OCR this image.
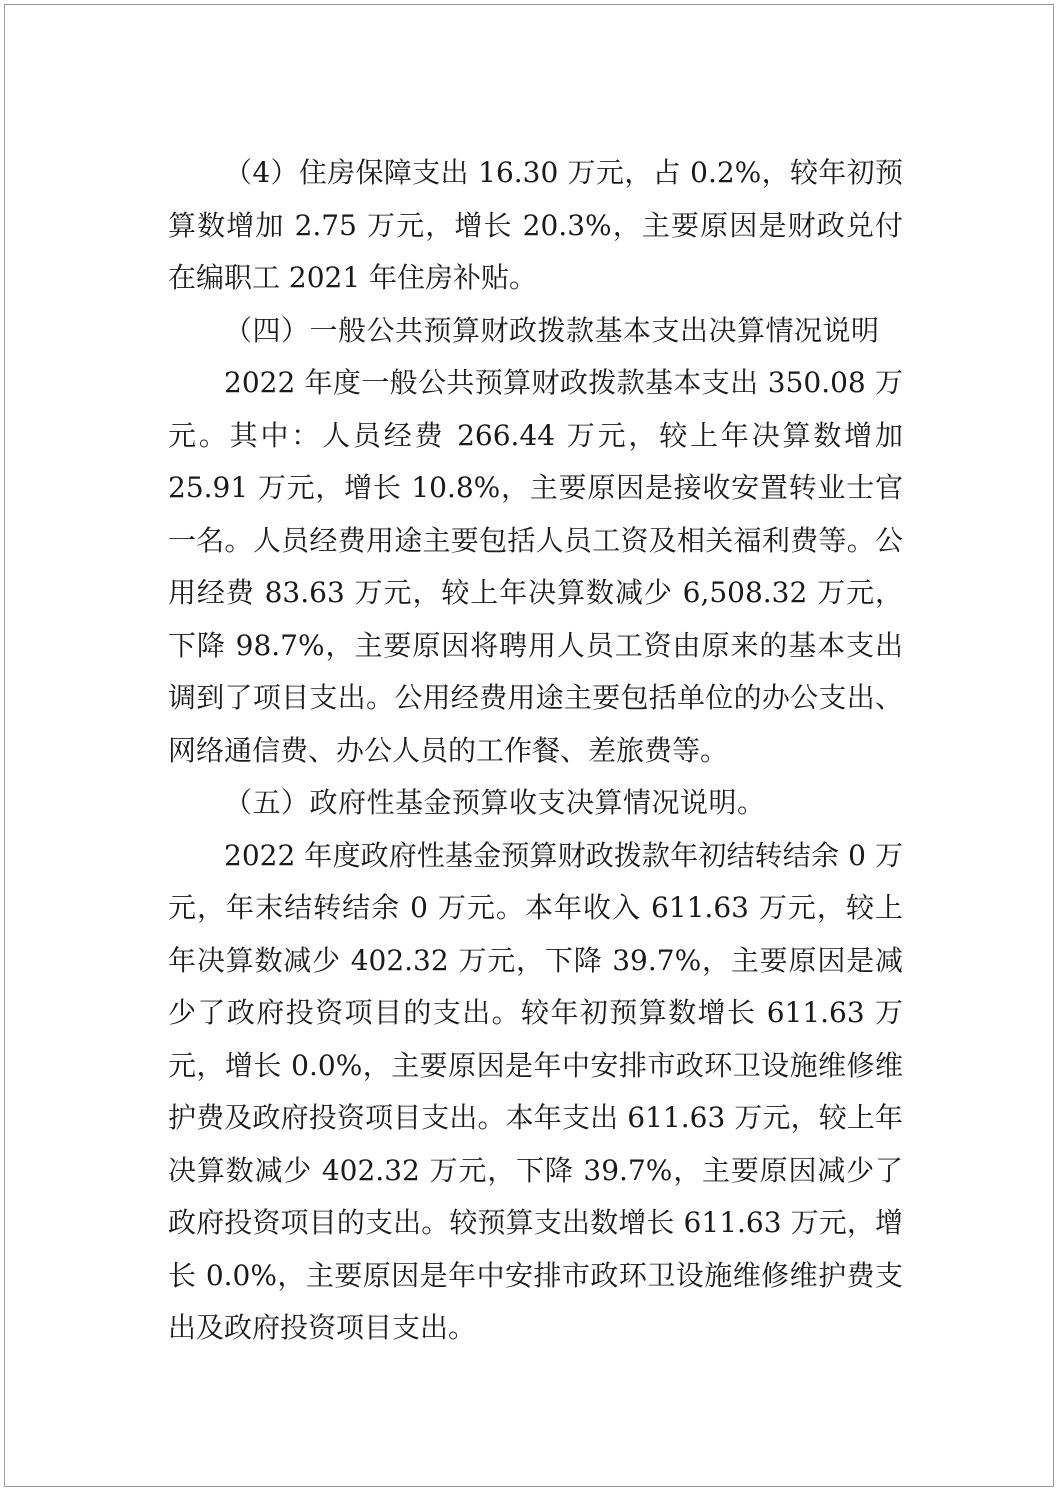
（4）住房保障支出 16.30 万元，占 0.2%，较年初预算数增加 2.75 万元，增长 20.3%，主要原因是财政兑付在编职工 2021 年住房补贴。

（四）一般公共预算财政拨款基本支出决算情况说明

2022 年度一般公共预算财政拨款基本支出 350.08 万元。其中：人员经费 266.44 万元，较上年决算数增加 25.91 万元，增长 10.8%，主要原因是接收安置转业士官一名。人员经费用途主要包括人员工资及相关福利费等。公用经费 83.63 万元，较上年决算数减少 6,508.32 万元，下降 98.7%，主要原因将聘用人员工资由原来的基本支出调到了项目支出。公用经费用途主要包括单位的办公支出、网络通信费、办公人员的工作餐、差旅费等。

（五）政府性基金预算收支决算情况说明。

2022 年度政府性基金预算财政拨款年初结转结余 0 万元，年末结转结余 0 万元。本年收入 611.63 万元，较上年决算数减少 402.32 万元，下降 39.7%，主要原因是减少了政府投资项目的支出。较年初预算数增长 611.63 万元，增长 0.0%，主要原因是年中安排市政环卫设施维修维护费及政府投资项目支出。本年支出 611.63 万元，较上年决算数减少 402.32 万元，下降 39.7%，主要原因减少了政府投资项目的支出。较预算支出数增长 611.63 万元，增长 0.0%，主要原因是年中安排市政环卫设施维修维护费支出及政府投资项目支出。
